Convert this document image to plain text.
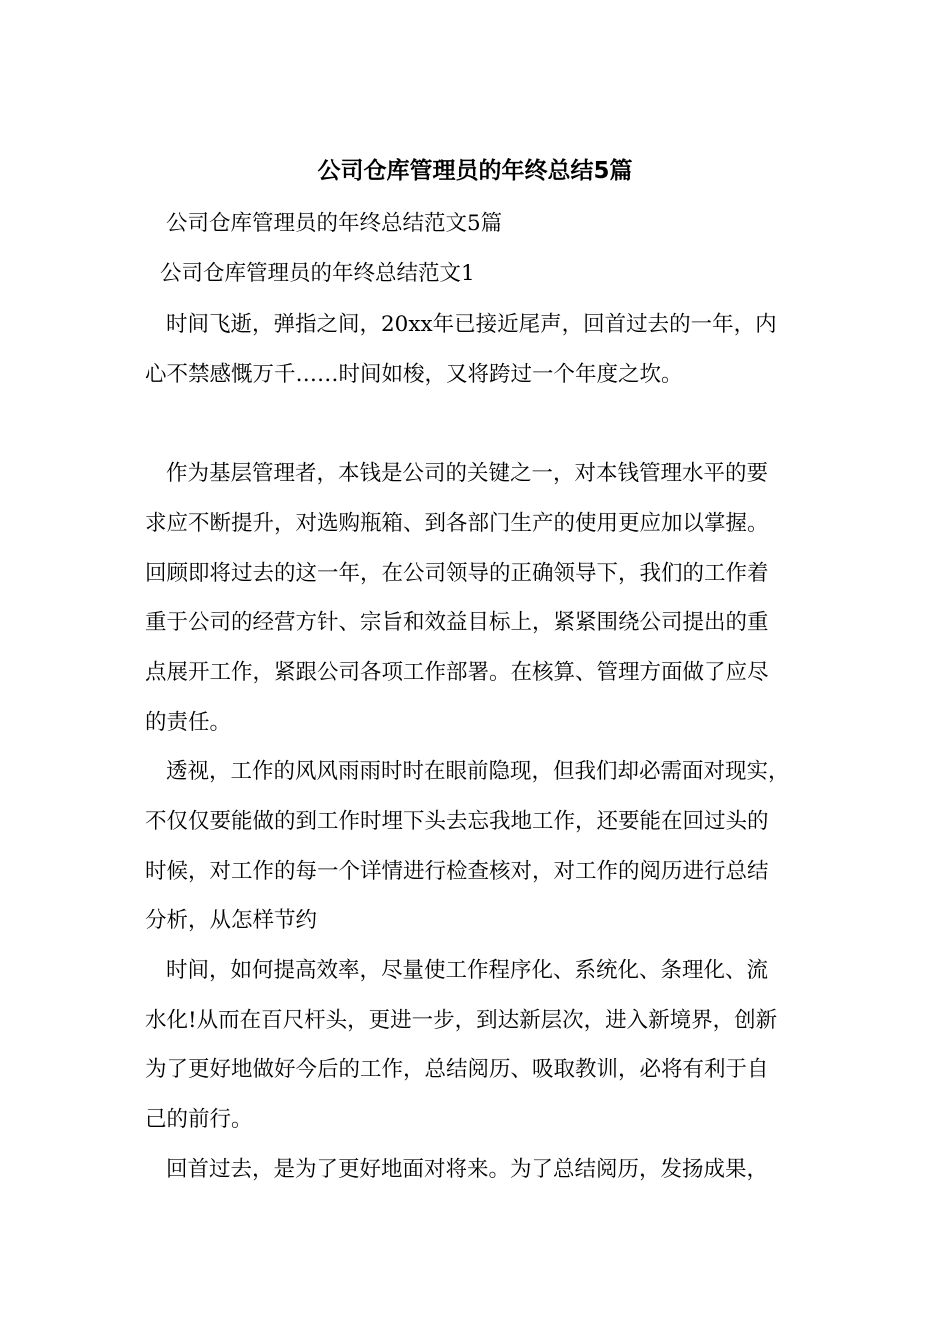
公司仓库管理员的年终总结5篇
公司仓库管理员的年终总结范文5篇
公司仓库管理员的年终总结范文1
时间飞逝，弹指之间，20xx年已接近尾声，回首过去的一年，内
心不禁感慨万千……时间如梭，又将跨过一个年度之坎。
作为基层管理者，本钱是公司的关键之一，对本钱管理水平的要
求应不断提升，对选购瓶箱、到各部门生产的使用更应加以掌握。
回顾即将过去的这一年，在公司领导的正确领导下，我们的工作着
重于公司的经营方针、宗旨和效益目标上，紧紧围绕公司提出的重
点展开工作，紧跟公司各项工作部署。在核算、管理方面做了应尽
的责任。
透视，工作的风风雨雨时时在眼前隐现，但我们却必需面对现实，
不仅仅要能做的到工作时埋下头去忘我地工作，还要能在回过头的
时候，对工作的每一个详情进行检查核对，对工作的阅历进行总结
分析，从怎样节约
时间，如何提高效率，尽量使工作程序化、系统化、条理化、流
水化!从而在百尺杆头，更进一步，到达新层次，进入新境界，创新
为了更好地做好今后的工作，总结阅历、吸取教训，必将有利于自
己的前行。
回首过去，是为了更好地面对将来。为了总结阅历，发扬成果，
